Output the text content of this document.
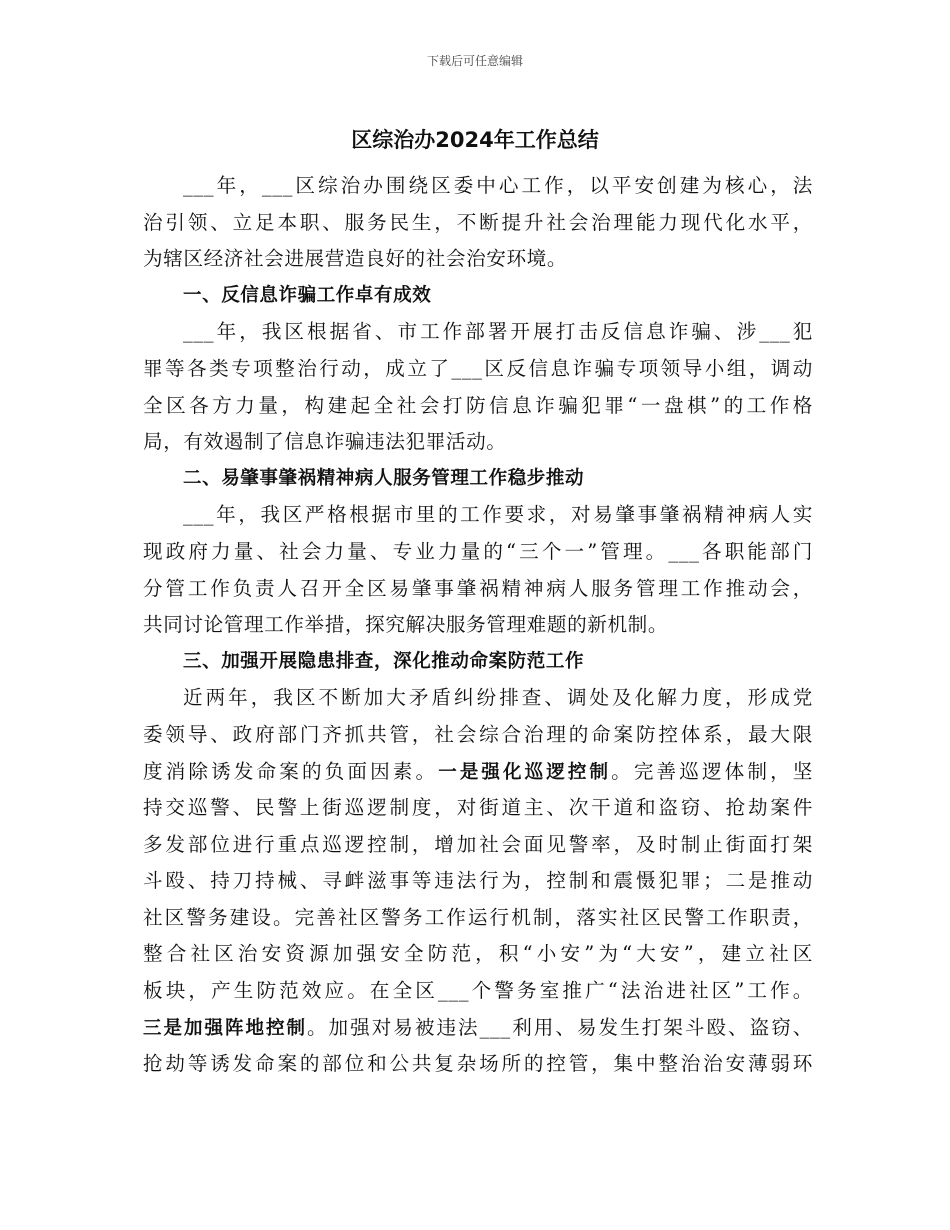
下载后可任意编辑
区综治办2024年工作总结
___年，___区综治办围绕区委中心工作，以平安创建为核心，法
治引领、立足本职、服务民生，不断提升社会治理能力现代化水平，
为辖区经济社会进展营造良好的社会治安环境。
一、反信息诈骗工作卓有成效
___年，我区根据省、市工作部署开展打击反信息诈骗、涉___犯
罪等各类专项整治行动，成立了___区反信息诈骗专项领导小组，调动
全区各方力量，构建起全社会打防信息诈骗犯罪“一盘棋”的工作格
局，有效遏制了信息诈骗违法犯罪活动。
二、易肇事肇祸精神病人服务管理工作稳步推动
___年，我区严格根据市里的工作要求，对易肇事肇祸精神病人实
现政府力量、社会力量、专业力量的“三个一”管理。___各职能部门
分管工作负责人召开全区易肇事肇祸精神病人服务管理工作推动会，
共同讨论管理工作举措，探究解决服务管理难题的新机制。
三、加强开展隐患排查，深化推动命案防范工作
近两年，我区不断加大矛盾纠纷排查、调处及化解力度，形成党
委领导、政府部门齐抓共管，社会综合治理的命案防控体系，最大限
度消除诱发命案的负面因素。一是强化巡逻控制。完善巡逻体制，坚
持交巡警、民警上街巡逻制度，对街道主、次干道和盗窃、抢劫案件
多发部位进行重点巡逻控制，增加社会面见警率，及时制止街面打架
斗殴、持刀持械、寻衅滋事等违法行为，控制和震慑犯罪；二是推动
社区警务建设。完善社区警务工作运行机制，落实社区民警工作职责，
整合社区治安资源加强安全防范，积“小安”为“大安”，建立社区
板块，产生防范效应。在全区___个警务室推广“法治进社区”工作。
三是加强阵地控制。加强对易被违法___利用、易发生打架斗殴、盗窃、
抢劫等诱发命案的部位和公共复杂场所的控管，集中整治治安薄弱环
